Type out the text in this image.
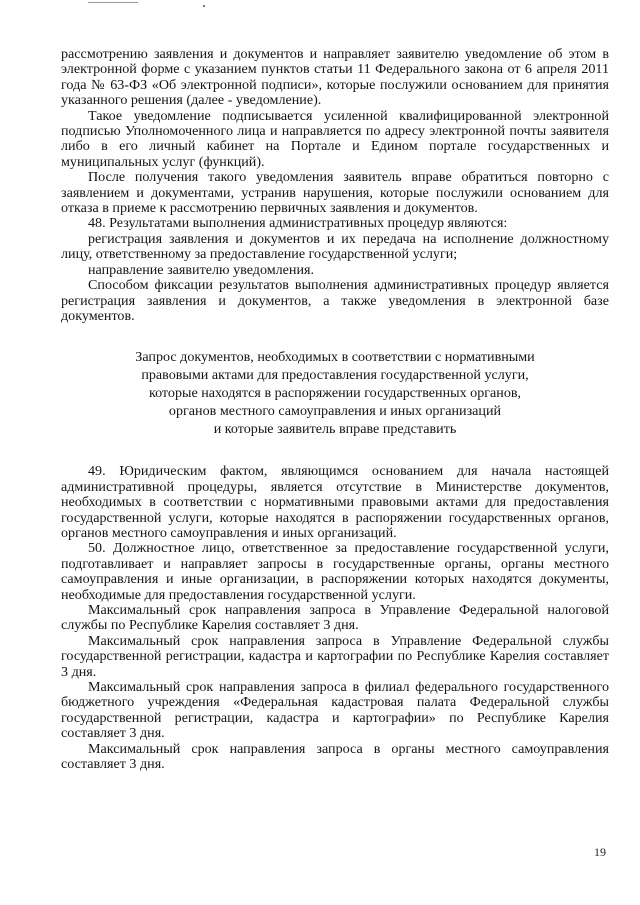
рассмотрению заявления и документов и направляет заявителю уведомление об этом в электронной форме с указанием пунктов статьи 11 Федерального закона от 6 апреля 2011 года № 63-ФЗ «Об электронной подписи», которые послужили основанием для принятия указанного решения (далее - уведомление).

Такое уведомление подписывается усиленной квалифицированной электронной подписью Уполномоченного лица и направляется по адресу электронной почты заявителя либо в его личный кабинет на Портале и Едином портале государственных и муниципальных услуг (функций).

После получения такого уведомления заявитель вправе обратиться повторно с заявлением и документами, устранив нарушения, которые послужили основанием для отказа в приеме к рассмотрению первичных заявления и документов.

48. Результатами выполнения административных процедур являются:

регистрация заявления и документов и их передача на исполнение должностному лицу, ответственному за предоставление государственной услуги;

направление заявителю уведомления.

Способом фиксации результатов выполнения административных процедур является регистрация заявления и документов, а также уведомления в электронной базе документов.

Запрос документов, необходимых в соответствии с нормативными
правовыми актами для предоставления государственной услуги,
которые находятся в распоряжении государственных органов,
органов местного самоуправления и иных организаций
и которые заявитель вправе представить

49. Юридическим фактом, являющимся основанием для начала настоящей административной процедуры, является отсутствие в Министерстве документов, необходимых в соответствии с нормативными правовыми актами для предоставления государственной услуги, которые находятся в распоряжении государственных органов, органов местного самоуправления и иных организаций.

50. Должностное лицо, ответственное за предоставление государственной услуги, подготавливает и направляет запросы в государственные органы, органы местного самоуправления и иные организации, в распоряжении которых находятся документы, необходимые для предоставления государственной услуги.

Максимальный срок направления запроса в Управление Федеральной налоговой службы по Республике Карелия составляет 3 дня.

Максимальный срок направления запроса в Управление Федеральной службы государственной регистрации, кадастра и картографии по Республике Карелия составляет 3 дня.

Максимальный срок направления запроса в филиал федерального государственного бюджетного учреждения «Федеральная кадастровая палата Федеральной службы государственной регистрации, кадастра и картографии» по Республике Карелия составляет 3 дня.

Максимальный срок направления запроса в органы местного самоуправления составляет 3 дня.

19
